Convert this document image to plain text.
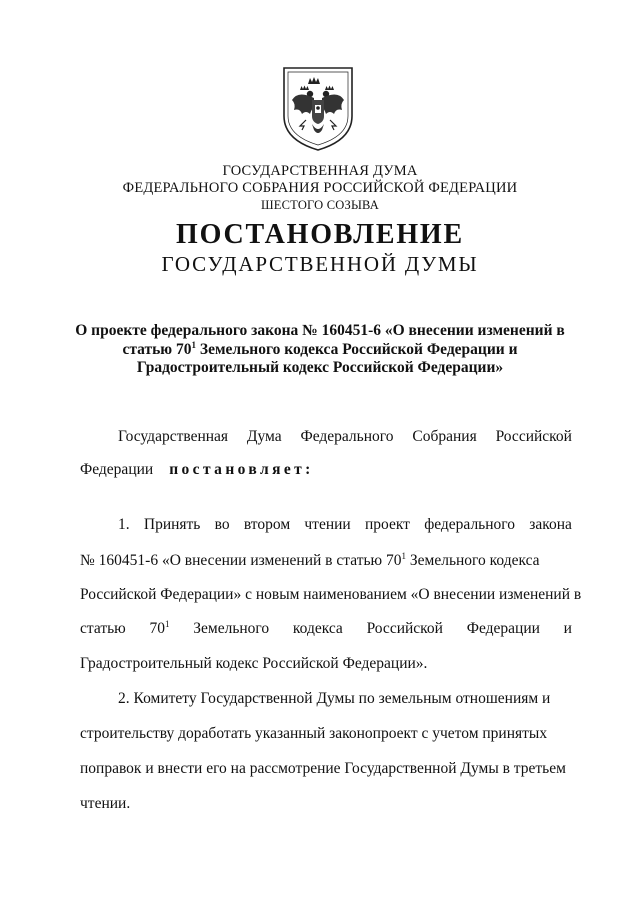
ГОСУДАРСТВЕННАЯ ДУМА
ФЕДЕРАЛЬНОГО СОБРАНИЯ РОССИЙСКОЙ ФЕДЕРАЦИИ
ШЕСТОГО СОЗЫВА
ПОСТАНОВЛЕНИЕ
ГОСУДАРСТВЕННОЙ ДУМЫ
О проекте федерального закона № 160451-6 «О внесении изменений в
статью $70^1$ Земельного кодекса Российской Федерации и
Градостроительный кодекс Российской Федерации»
Государственная Дума Федерального Собрания Российской
Федерации постановляет:
1. Принять во втором чтении проект федерального закона
№ 160451-6 «О внесении изменений в статью $70^1$ Земельного кодекса
Российской Федерации» с новым наименованием «О внесении изменений в
статью $70^1$ Земельного кодекса Российской Федерации и
Градостроительный кодекс Российской Федерации».
2. Комитету Государственной Думы по земельным отношениям и
строительству доработать указанный законопроект с учетом принятых
поправок и внести его на рассмотрение Государственной Думы в третьем
чтении.
